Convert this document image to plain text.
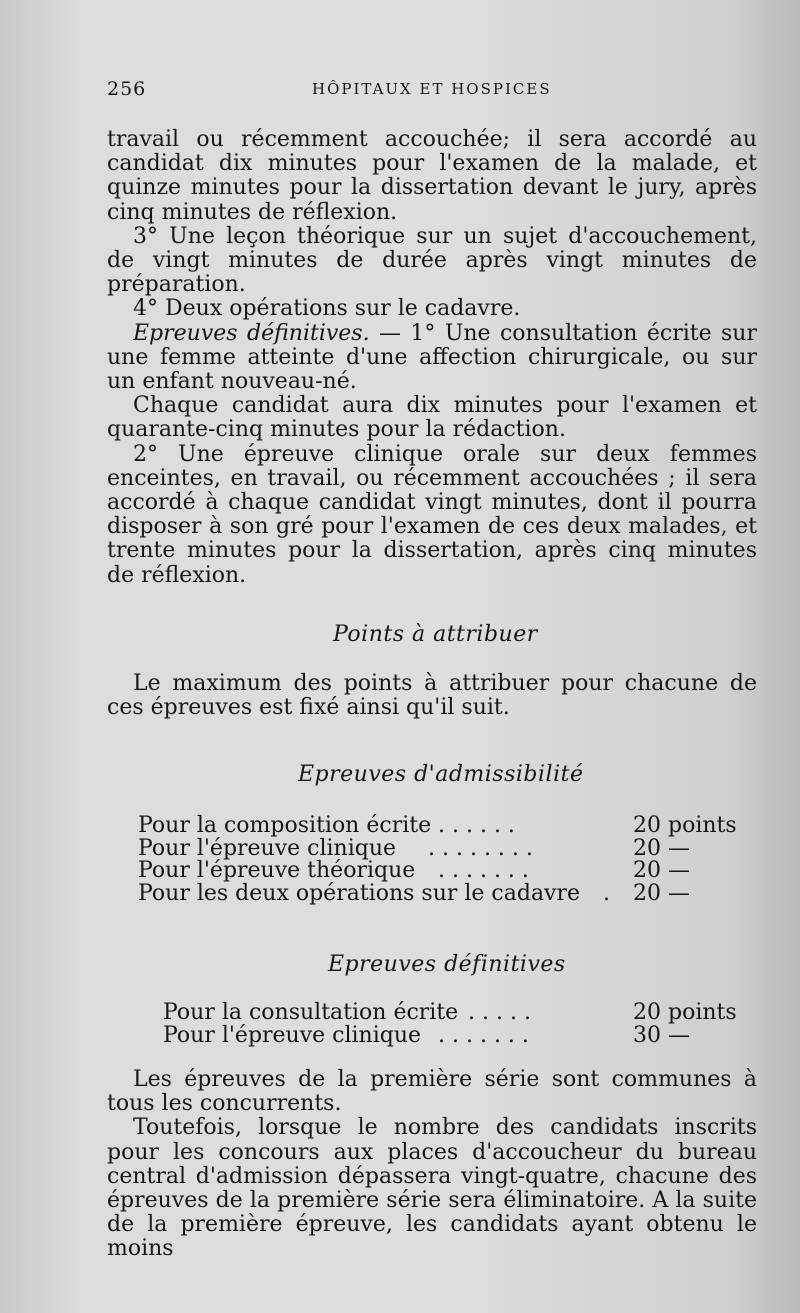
256	HÔPITAUX ET HOSPICES

travail ou récemment accouchée; il sera accordé au candidat dix minutes pour l'examen de la malade, et quinze minutes pour la dissertation devant le jury, après cinq minutes de réflexion.

3° Une leçon théorique sur un sujet d'accouchement, de vingt minutes de durée après vingt minutes de préparation.

4° Deux opérations sur le cadavre.

Epreuves définitives. — 1° Une consultation écrite sur une femme atteinte d'une affection chirurgicale, ou sur un enfant nouveau-né.

Chaque candidat aura dix minutes pour l'examen et quarante-cinq minutes pour la rédaction.

2° Une épreuve clinique orale sur deux femmes enceintes, en travail, ou récemment accouchées ; il sera accordé à chaque candidat vingt minutes, dont il pourra disposer à son gré pour l'examen de ces deux malades, et trente minutes pour la dissertation, après cinq minutes de réflexion.

Points à attribuer

Le maximum des points à attribuer pour chacune de ces épreuves est fixé ainsi qu'il suit.

Epreuves d'admissibilité
Pour la composition écrite . . . . . .	20 points
Pour l'épreuve clinique . . . . . . . .	20 —
Pour l'épreuve théorique . . . . . . .	20 —
Pour les deux opérations sur le cadavre . 20 —
Epreuves définitives
Pour la consultation écrite . . . . .	20 points
Pour l'épreuve clinique . . . . . . .	30 —

Les épreuves de la première série sont communes à tous les concurrents.

Toutefois, lorsque le nombre des candidats inscrits pour les concours aux places d'accoucheur du bureau central d'admission dépassera vingt-quatre, chacune des épreuves de la première série sera éliminatoire. A la suite de la première épreuve, les candidats ayant obtenu le moins
